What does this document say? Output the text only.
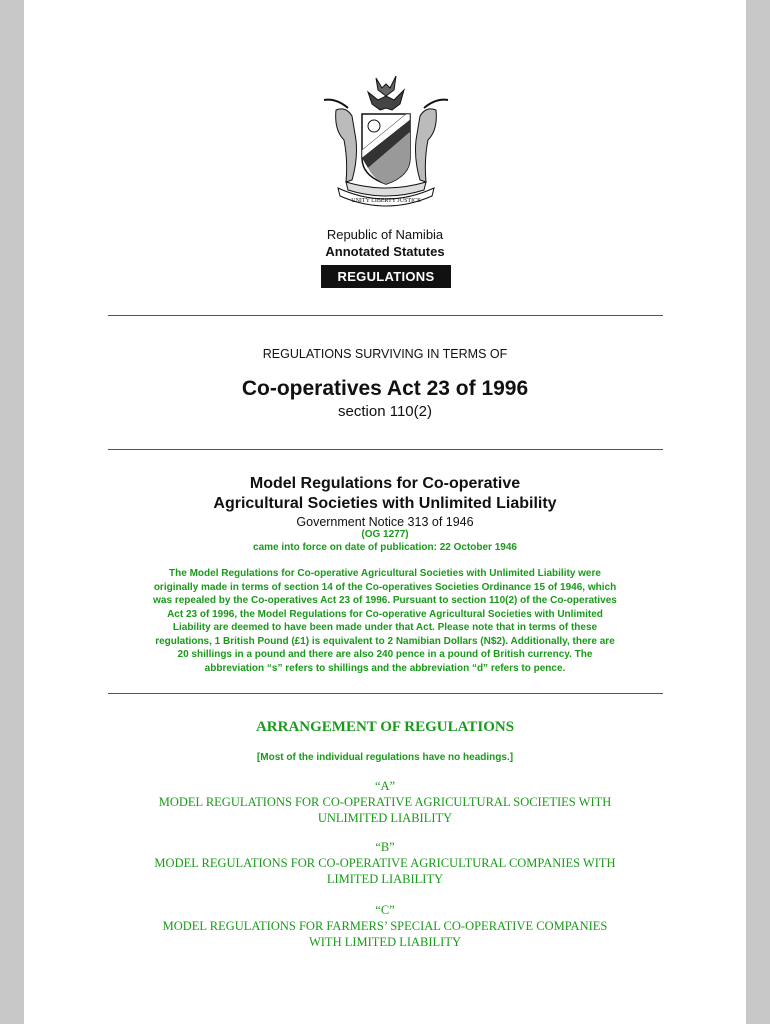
UNITY LIBERTY JUSTICE
Republic of Namibia
Annotated Statutes
REGULATIONS
REGULATIONS SURVIVING IN TERMS OF
Co-operatives Act 23 of 1996
section 110(2)
Model Regulations for Co-operative
Agricultural Societies with Unlimited Liability
Government Notice 313 of 1946
(OG 1277)
came into force on date of publication: 22 October 1946
The Model Regulations for Co-operative Agricultural Societies with Unlimited Liability were
originally made in terms of section 14 of the Co-operatives Societies Ordinance 15 of 1946, which
was repealed by the Co-operatives Act 23 of 1996. Pursuant to section 110(2) of the Co-operatives
Act 23 of 1996, the Model Regulations for Co-operative Agricultural Societies with Unlimited
Liability are deemed to have been made under that Act. Please note that in terms of these
regulations, 1 British Pound (£1) is equivalent to 2 Namibian Dollars (N$2). Additionally, there are
20 shillings in a pound and there are also 240 pence in a pound of British currency. The
abbreviation “s” refers to shillings and the abbreviation “d” refers to pence.
ARRANGEMENT OF REGULATIONS
[Most of the individual regulations have no headings.]
“A”
MODEL REGULATIONS FOR CO-OPERATIVE AGRICULTURAL SOCIETIES WITH
UNLIMITED LIABILITY
“B”
MODEL REGULATIONS FOR CO-OPERATIVE AGRICULTURAL COMPANIES WITH
LIMITED LIABILITY
“C”
MODEL REGULATIONS FOR FARMERS’ SPECIAL CO-OPERATIVE COMPANIES
WITH LIMITED LIABILITY
